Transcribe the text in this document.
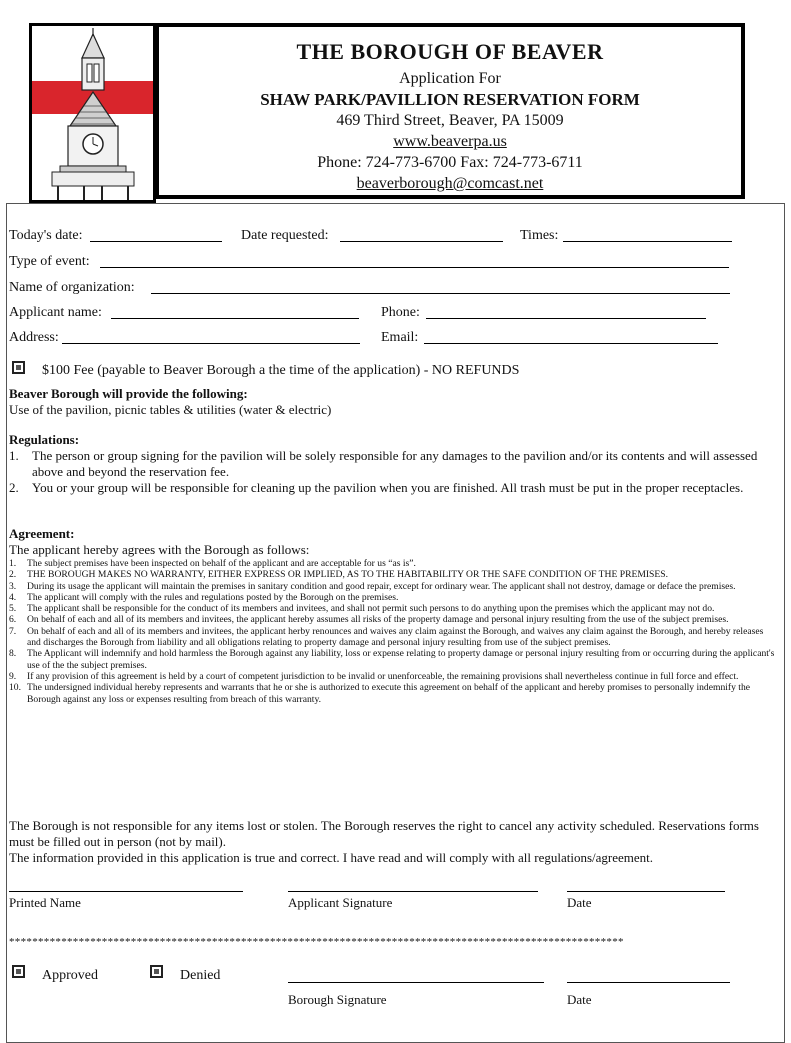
THE BOROUGH OF BEAVER
Application For
SHAW PARK/PAVILLION RESERVATION FORM
469 Third Street, Beaver, PA 15009
www.beaverpa.us
Phone: 724-773-6700 Fax: 724-773-6711
beaverborough@comcast.net
Today's date:	Date requested:	Times:
Type of event:
Name of organization:
Applicant name:	Phone:
Address:	Email:
$100 Fee (payable to Beaver Borough a the time of the application) - NO REFUNDS
Beaver Borough will provide the following:
Use of the pavilion, picnic tables & utilities (water & electric)
Regulations:
1. The person or group signing for the pavilion will be solely responsible for any damages to the pavilion and/or its contents and will assessed above and beyond the reservation fee.
2. You or your group will be responsible for cleaning up the pavilion when you are finished. All trash must be put in the proper receptacles.
Agreement:
The applicant hereby agrees with the Borough as follows:
1. The subject premises have been inspected on behalf of the applicant and are acceptable for us “as is”.
2. THE BOROUGH MAKES NO WARRANTY, EITHER EXPRESS OR IMPLIED, AS TO THE HABITABILITY OR THE SAFE CONDITION OF THE PREMISES.
3. During its usage the applicant will maintain the premises in sanitary condition and good repair, except for ordinary wear. The applicant shall not destroy, damage or deface the premises.
4. The applicant will comply with the rules and regulations posted by the Borough on the premises.
5. The applicant shall be responsible for the conduct of its members and invitees, and shall not permit such persons to do anything upon the premises which the applicant may not do.
6. On behalf of each and all of its members and invitees, the applicant hereby assumes all risks of the property damage and personal injury resulting from the use of the subject premises.
7. On behalf of each and all of its members and invitees, the applicant herby renounces and waives any claim against the Borough, and waives any claim against the Borough, and hereby releases and discharges the Borough from liability and all obligations relating to property damage and personal injury resulting from use of the subject premises.
8. The Applicant will indemnify and hold harmless the Borough against any liability, loss or expense relating to property damage or personal injury resulting from or occurring during the applicant's use of the the subject premises.
9. If any provision of this agreement is held by a court of competent jurisdiction to be invalid or unenforceable, the remaining provisions shall nevertheless continue in full force and effect.
10. The undersigned individual hereby represents and warrants that he or she is authorized to execute this agreement on behalf of the applicant and hereby promises to personally indemnify the Borough against any loss or expenses resulting from breach of this warranty.
The Borough is not responsible for any items lost or stolen. The Borough reserves the right to cancel any activity scheduled. Reservations forms must be filled out in person (not by mail).
The information provided in this application is true and correct. I have read and will comply with all regulations/agreement.
Printed Name	Applicant Signature	Date
**********************************************************************************************************
Approved	Denied
Borough Signature	Date
